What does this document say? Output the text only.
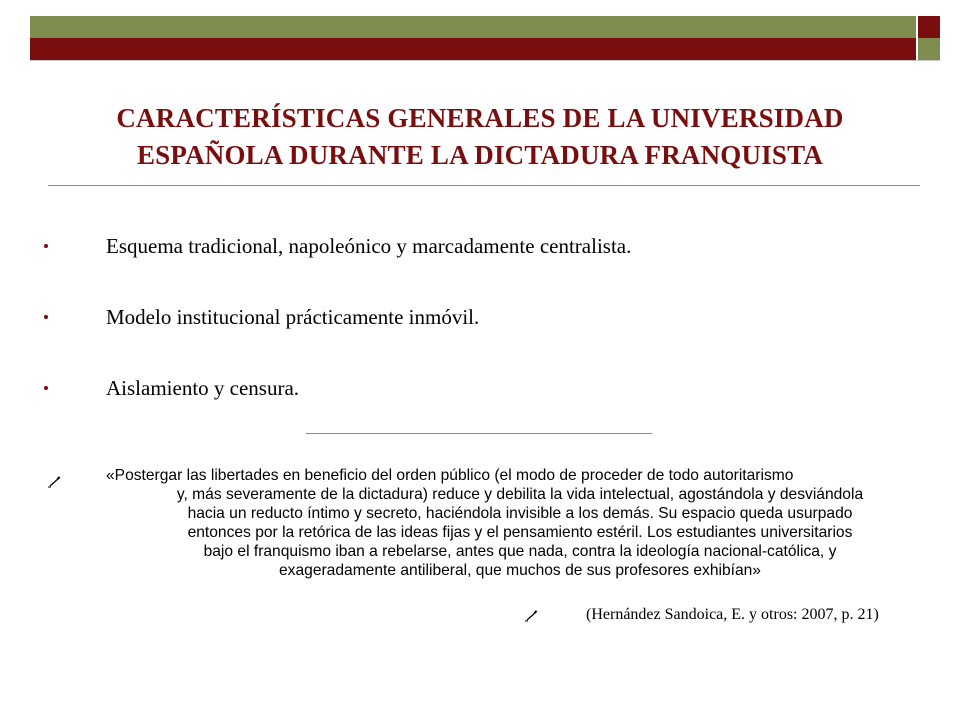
CARACTERÍSTICAS GENERALES DE LA UNIVERSIDAD
ESPAÑOLA DURANTE LA DICTADURA FRANQUISTA
Esquema tradicional, napoleónico y marcadamente centralista.
Modelo institucional prácticamente inmóvil.
Aislamiento y censura.
«Postergar las libertades en beneficio del orden público (el modo de proceder de todo autoritarismo
y, más severamente de la dictadura) reduce y debilita la vida intelectual, agostándola y desviándola
hacia un reducto íntimo y secreto, haciéndola invisible a los demás. Su espacio queda usurpado
entonces por la retórica de las ideas fijas y el pensamiento estéril. Los estudiantes universitarios
bajo el franquismo iban a rebelarse, antes que nada, contra la ideología nacional-católica, y
exageradamente antiliberal, que muchos de sus profesores exhibían»
(Hernández Sandoica, E. y otros: 2007, p. 21)
